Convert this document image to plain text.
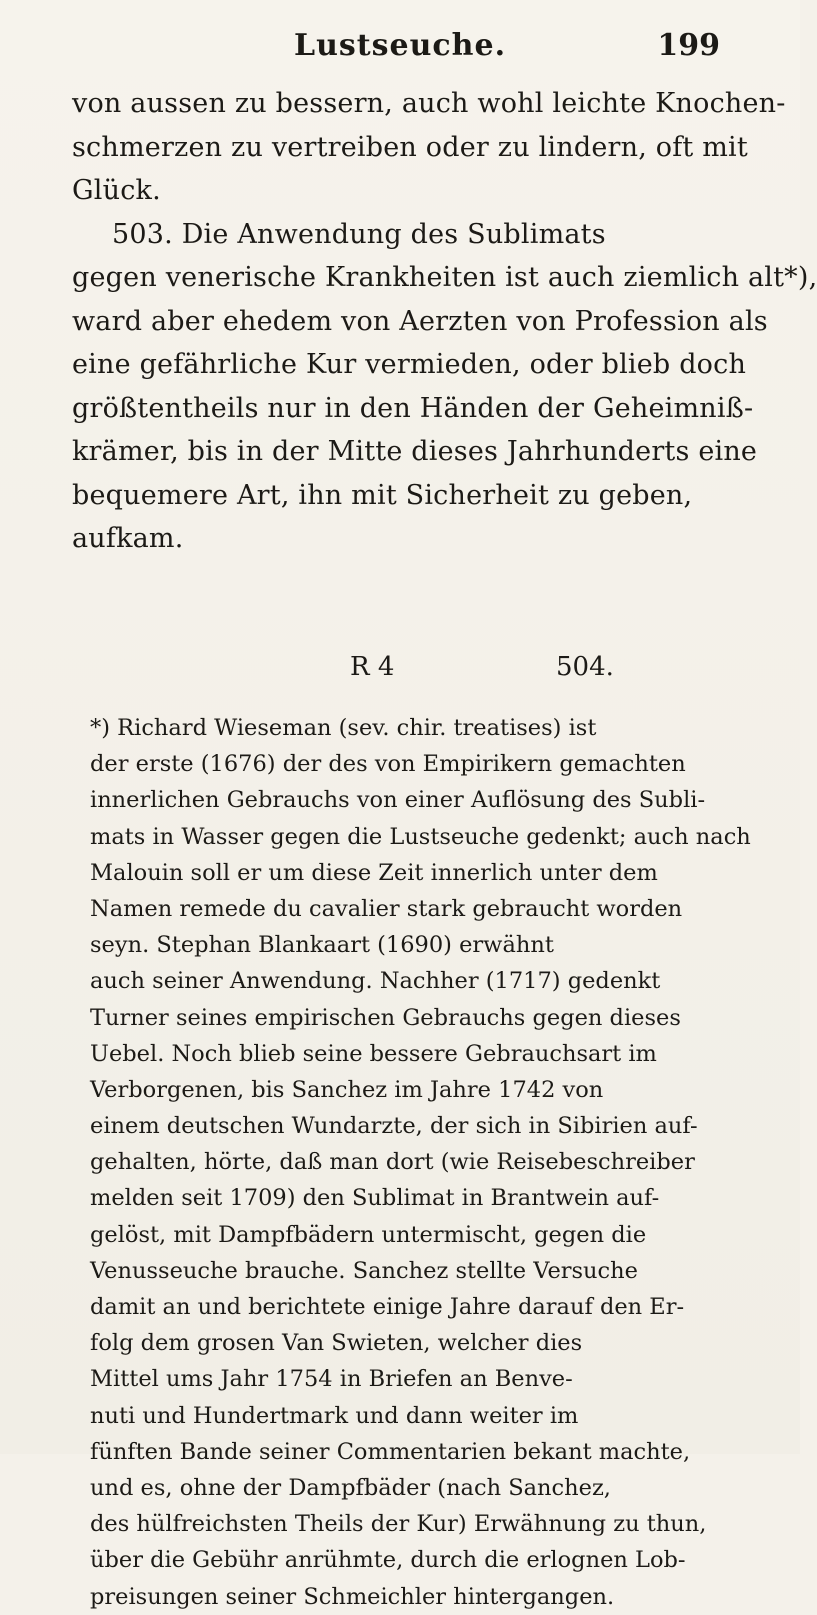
Lustseuche.	199
von aussen zu bessern, auch wohl leichte Knochen-
schmerzen zu vertreiben oder zu lindern, oft mit
Glück.
503. Die Anwendung des Sublimats
gegen venerische Krankheiten ist auch ziemlich alt*),
ward aber ehedem von Aerzten von Profession als
eine gefährliche Kur vermieden, oder blieb doch
größtentheils nur in den Händen der Geheimniß-
krämer, bis in der Mitte dieses Jahrhunderts eine
bequemere Art, ihn mit Sicherheit zu geben,
aufkam.
R 4	504.
*) Richard Wieseman (sev. chir. treatises) ist
der erste (1676) der des von Empirikern gemachten
innerlichen Gebrauchs von einer Auflösung des Subli-
mats in Wasser gegen die Lustseuche gedenkt; auch nach
Malouin soll er um diese Zeit innerlich unter dem
Namen remede du cavalier stark gebraucht worden
seyn. Stephan Blankaart (1690) erwähnt
auch seiner Anwendung. Nachher (1717) gedenkt
Turner seines empirischen Gebrauchs gegen dieses
Uebel. Noch blieb seine bessere Gebrauchsart im
Verborgenen, bis Sanchez im Jahre 1742 von
einem deutschen Wundarzte, der sich in Sibirien auf-
gehalten, hörte, daß man dort (wie Reisebeschreiber
melden seit 1709) den Sublimat in Brantwein auf-
gelöst, mit Dampfbädern untermischt, gegen die
Venusseuche brauche. Sanchez stellte Versuche
damit an und berichtete einige Jahre darauf den Er-
folg dem grosen Van Swieten, welcher dies
Mittel ums Jahr 1754 in Briefen an Benve-
nuti und Hundertmark und dann weiter im
fünften Bande seiner Commentarien bekant machte,
und es, ohne der Dampfbäder (nach Sanchez,
des hülfreichsten Theils der Kur) Erwähnung zu thun,
über die Gebühr anrühmte, durch die erlognen Lob-
preisungen seiner Schmeichler hintergangen.
